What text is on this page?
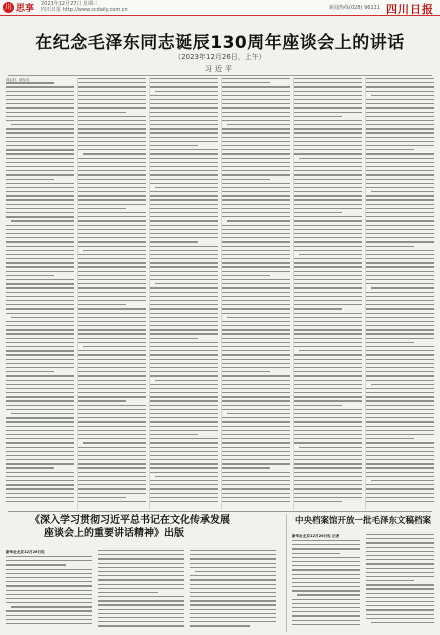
川 思享 2023年12月27日 星期三
四川日报 http://www.scdaily.com.cn	新闻热线(028) 96111 四川日报
在纪念毛泽东同志诞辰130周年座谈会上的讲话
（2023年12月26日，上午）
习近平

同志们、朋友们：

《深入学习贯彻习近平总书记在文化传承发展
座谈会上的重要讲话精神》出版
新华社北京12月26日电
中央档案馆开放一批毛泽东文稿档案
新华社北京12月26日电 记者
